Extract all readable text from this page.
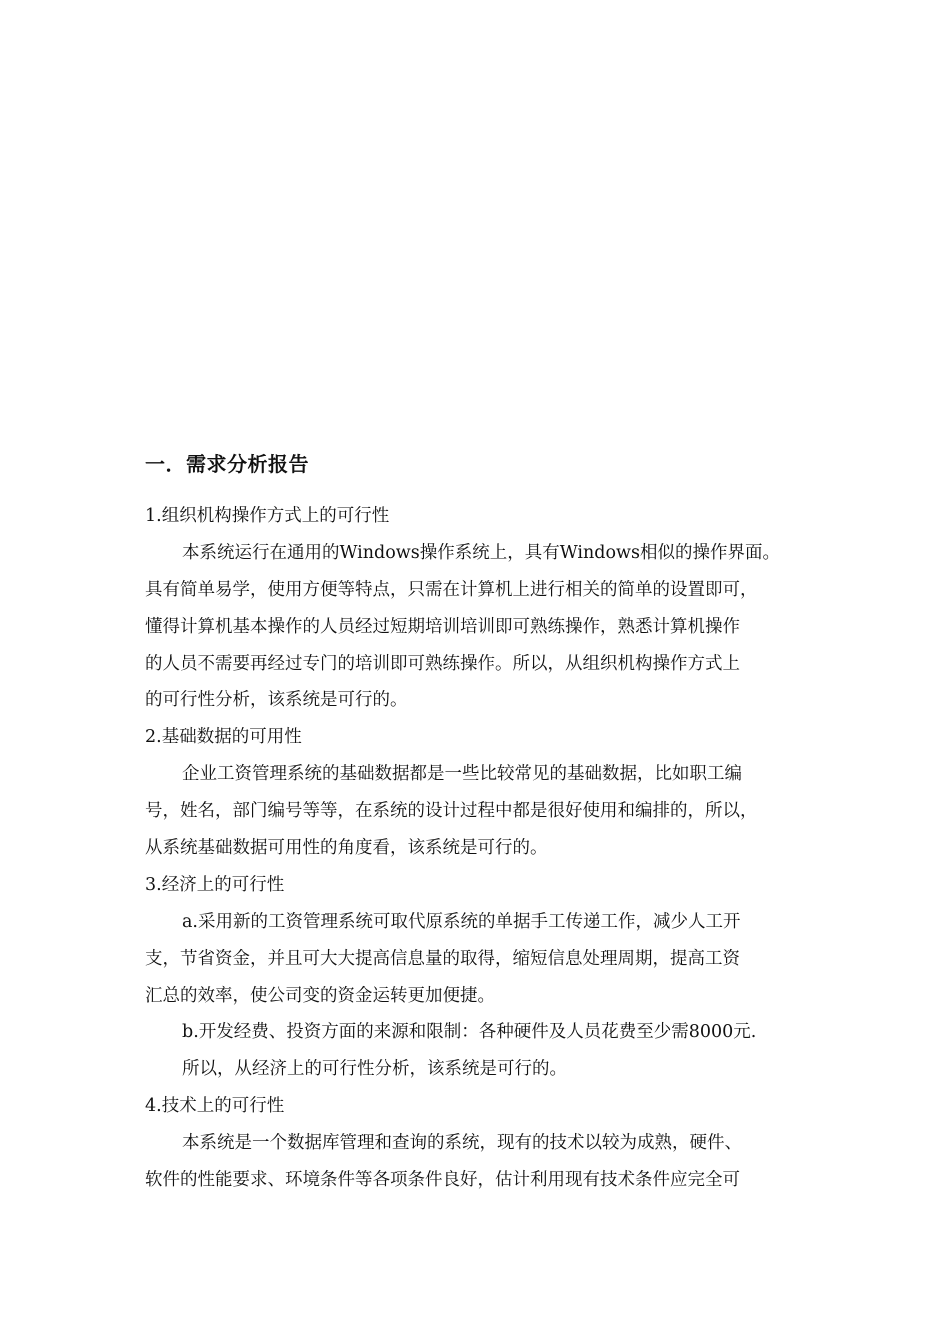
一．需求分析报告
1.组织机构操作方式上的可行性
本系统运行在通用的Windows操作系统上，具有Windows相似的操作界面。
具有简单易学，使用方便等特点，只需在计算机上进行相关的简单的设置即可，
懂得计算机基本操作的人员经过短期培训培训即可熟练操作，熟悉计算机操作
的人员不需要再经过专门的培训即可熟练操作。所以，从组织机构操作方式上
的可行性分析，该系统是可行的。
2.基础数据的可用性
企业工资管理系统的基础数据都是一些比较常见的基础数据，比如职工编
号，姓名，部门编号等等，在系统的设计过程中都是很好使用和编排的，所以，
从系统基础数据可用性的角度看，该系统是可行的。
3.经济上的可行性
a.采用新的工资管理系统可取代原系统的单据手工传递工作，减少人工开
支，节省资金，并且可大大提高信息量的取得，缩短信息处理周期，提高工资
汇总的效率，使公司变的资金运转更加便捷。
b.开发经费、投资方面的来源和限制：各种硬件及人员花费至少需8000元.
所以，从经济上的可行性分析，该系统是可行的。
4.技术上的可行性
本系统是一个数据库管理和查询的系统，现有的技术以较为成熟，硬件、
软件的性能要求、环境条件等各项条件良好，估计利用现有技术条件应完全可
